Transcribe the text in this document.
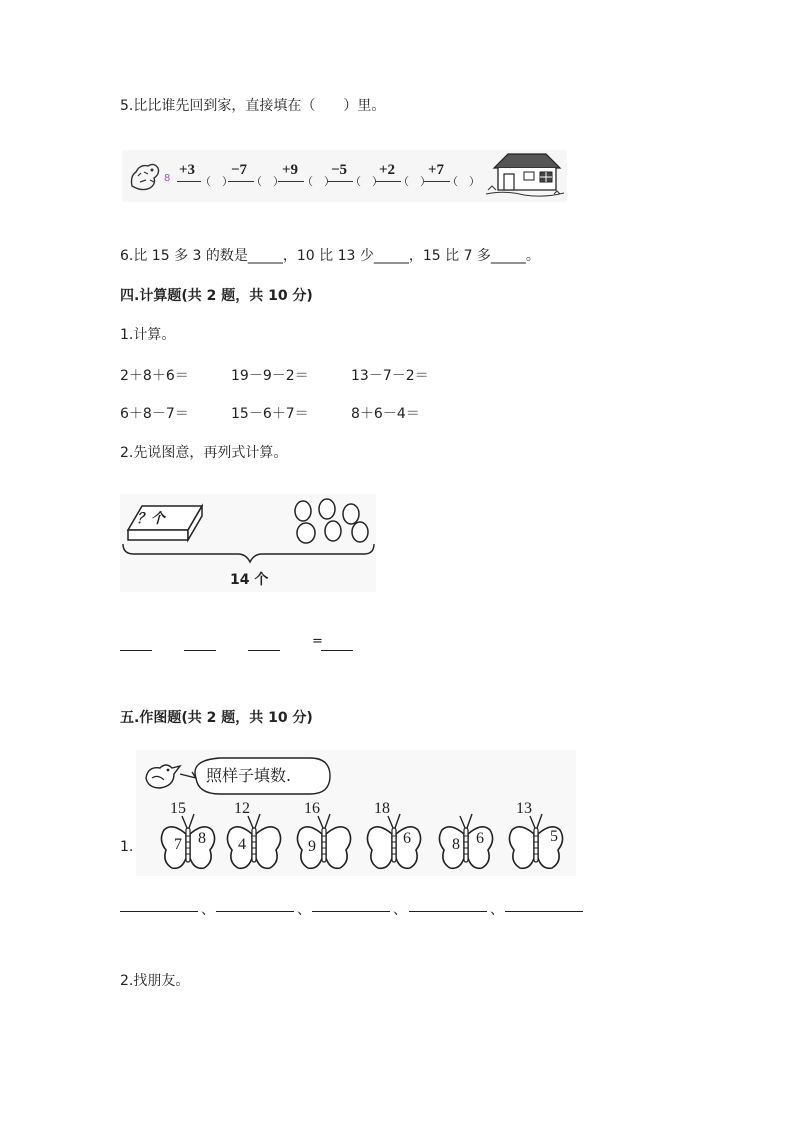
5.比比谁先回到家，直接填在（　　）里。
8
+3
（　）
−7
（　）
+9
（　）
−5
（　）
+2
（　）
+7
（　）
6.比 15 多 3 的数是_____，10 比 13 少_____，15 比 7 多_____。
四.计算题(共 2 题，共 10 分)
1.计算。
2＋8＋6＝	19－9－2＝	13－7－2＝
6＋8－7＝	15－6＋7＝	8＋6－4＝
2.先说图意，再列式计算。
？个
14 个
=
五.作图题(共 2 题，共 10 分)
1.
照样子填数.
15
7 8
12
4
16
9
18
6	8 6
13
5
、	、	、	、
2.找朋友。
